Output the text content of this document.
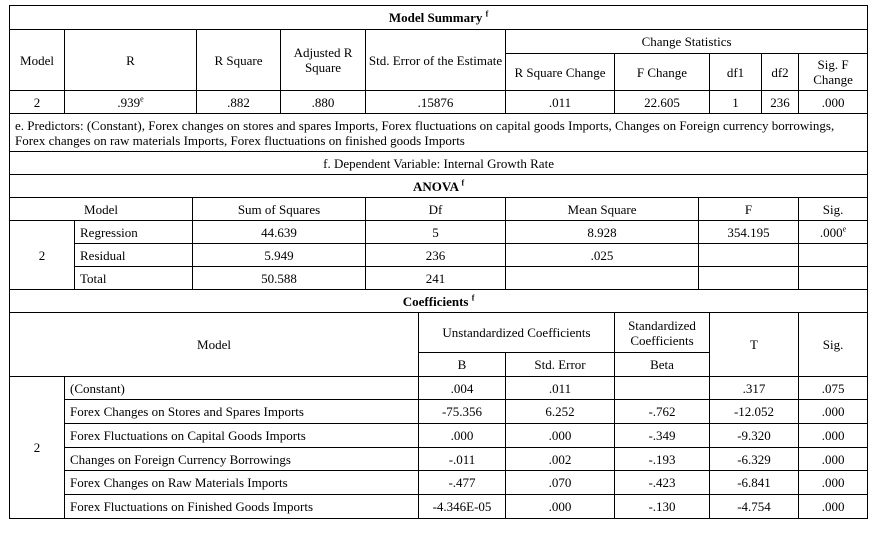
Model Summary $^f$
Model	R			R Square	Adjusted R Square	Std. Error of the Estimate		Change Statistics					
								R Square Change	F Change		df1	df2	Sig. F Change
2	.939e			.882	.880	.15876		.011	22.605		1	236	.000
e. Predictors: (Constant), Forex changes on stores and spares Imports, Forex fluctuations on capital goods Imports, Changes on Foreign currency borrowings, Forex changes on raw materials Imports, Forex fluctuations on finished goods Imports													
f. Dependent Variable: Internal Growth Rate													
ANOVA $^f$
Model			Sum of Squares			Df		Mean Square		F			Sig.
2		Regression	44.639			5		8.928		354.195			.000e
		Residual	5.949			236		.025					
		Total	50.588			241							
Coefficients $^f$
Model							Unstandardized Coefficients		Standardized Coefficients		T		Sig.
							B	Std. Error	Beta				
2	(Constant)						.004	.011			.317		.075
	Forex Changes on Stores and Spares Imports						-75.356	6.252	-.762		-12.052		.000
	Forex Fluctuations on Capital Goods Imports						.000	.000	-.349		-9.320		.000
	Changes on Foreign Currency Borrowings						-.011	.002	-.193		-6.329		.000
	Forex Changes on Raw Materials Imports						-.477	.070	-.423		-6.841		.000
	Forex Fluctuations on Finished Goods Imports						-4.346E-05	.000	-.130		-4.754		.000
